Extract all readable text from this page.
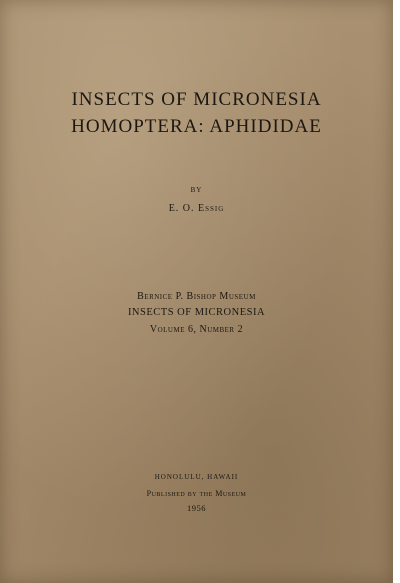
INSECTS OF MICRONESIA
HOMOPTERA: APHIDIDAE
BY
E. O. Essig
Bernice P. Bishop Museum
INSECTS OF MICRONESIA
Volume 6, Number 2
HONOLULU, HAWAII
Published by the Museum
1956
